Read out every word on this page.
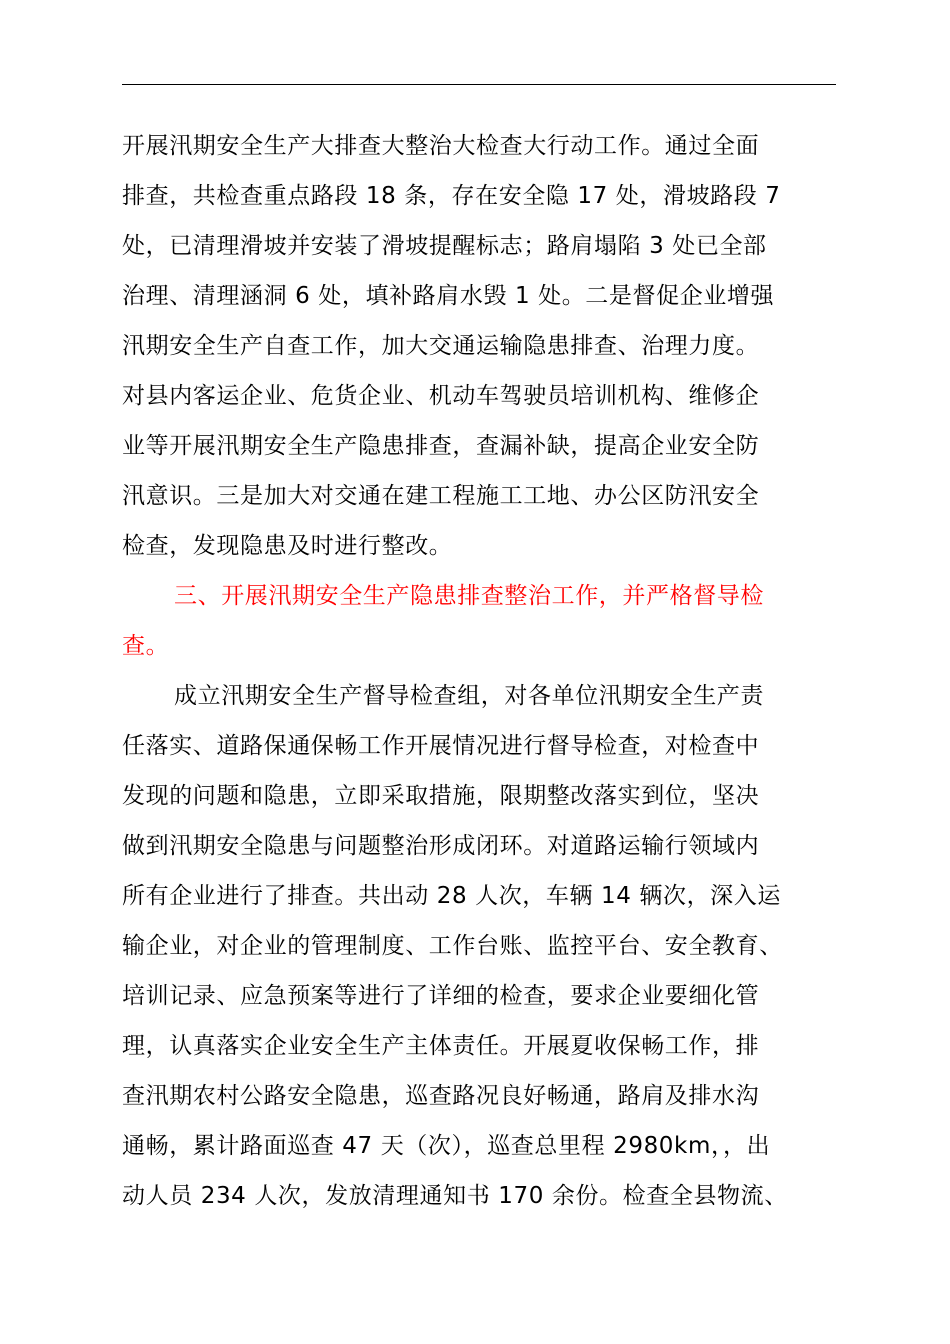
开展汛期安全生产大排查大整治大检查大行动工作。通过全面
排查，共检查重点路段 18 条，存在安全隐 17 处，滑坡路段 7
处，已清理滑坡并安装了滑坡提醒标志；路肩塌陷 3 处已全部
治理、清理涵洞 6 处，填补路肩水毁 1 处。二是督促企业增强
汛期安全生产自查工作，加大交通运输隐患排查、治理力度。
对县内客运企业、危货企业、机动车驾驶员培训机构、维修企
业等开展汛期安全生产隐患排查，查漏补缺，提高企业安全防
汛意识。三是加大对交通在建工程施工工地、办公区防汛安全
检查，发现隐患及时进行整改。
三、开展汛期安全生产隐患排查整治工作，并严格督导检
查。
成立汛期安全生产督导检查组，对各单位汛期安全生产责
任落实、道路保通保畅工作开展情况进行督导检查，对检查中
发现的问题和隐患，立即采取措施，限期整改落实到位，坚决
做到汛期安全隐患与问题整治形成闭环。对道路运输行领域内
所有企业进行了排查。共出动 28 人次，车辆 14 辆次，深入运
输企业，对企业的管理制度、工作台账、监控平台、安全教育、
培训记录、应急预案等进行了详细的检查，要求企业要细化管
理，认真落实企业安全生产主体责任。开展夏收保畅工作，排
查汛期农村公路安全隐患，巡查路况良好畅通，路肩及排水沟
通畅，累计路面巡查 47 天（次），巡查总里程 2980km，，出
动人员 234 人次，发放清理通知书 170 余份。检查全县物流、
